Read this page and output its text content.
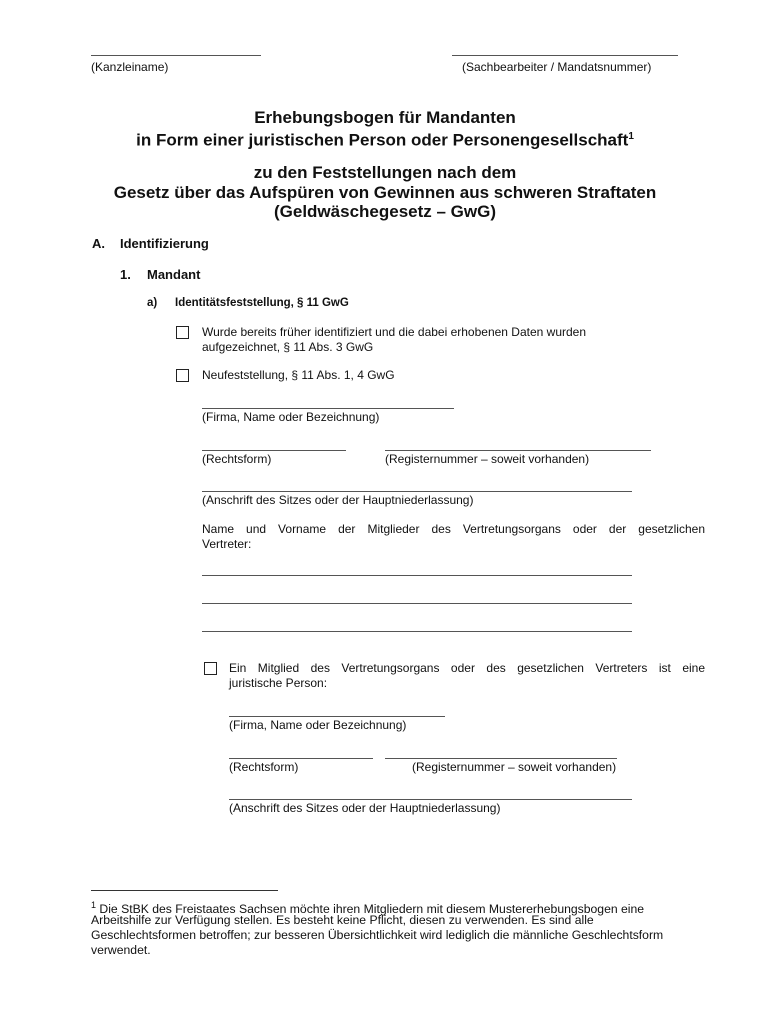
(Kanzleiname)	(Sachbearbeiter / Mandatsnummer)
Erhebungsbogen für Mandanten
in Form einer juristischen Person oder Personengesellschaft$^1$
zu den Feststellungen nach dem
Gesetz über das Aufspüren von Gewinnen aus schweren Straftaten
(Geldwäschegesetz – GwG)
A. Identifizierung
1. Mandant
a) Identitätsfeststellung, § 11 GwG
Wurde bereits früher identifiziert und die dabei erhobenen Daten wurden
aufgezeichnet, § 11 Abs. 3 GwG
Neufeststellung, § 11 Abs. 1, 4 GwG
(Firma, Name oder Bezeichnung)
(Rechtsform)	(Registernummer – soweit vorhanden)
(Anschrift des Sitzes oder der Hauptniederlassung)
Name und Vorname der Mitglieder des Vertretungsorgans oder der gesetzlichen
Vertreter:
Ein Mitglied des Vertretungsorgans oder des gesetzlichen Vertreters ist eine
juristische Person:
(Firma, Name oder Bezeichnung)
(Rechtsform)	(Registernummer – soweit vorhanden)
(Anschrift des Sitzes oder der Hauptniederlassung)
$^1$ Die StBK des Freistaates Sachsen möchte ihren Mitgliedern mit diesem Mustererhebungsbogen eine
Arbeitshilfe zur Verfügung stellen. Es besteht keine Pflicht, diesen zu verwenden. Es sind alle
Geschlechtsformen betroffen; zur besseren Übersichtlichkeit wird lediglich die männliche Geschlechtsform
verwendet.
